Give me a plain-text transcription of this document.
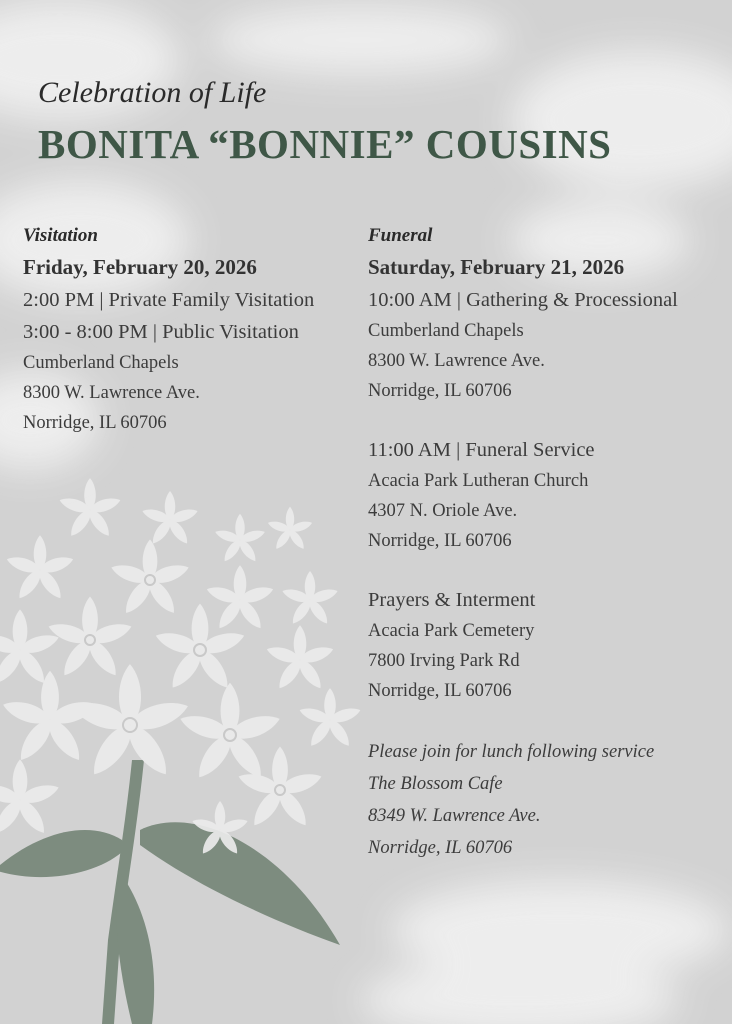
Celebration of Life
BONITA “BONNIE” COUSINS
Visitation
Friday, February 20, 2026
2:00 PM | Private Family Visitation
3:00 - 8:00 PM | Public Visitation
Cumberland Chapels
8300 W. Lawrence Ave.
Norridge, IL 60706
Funeral
Saturday, February 21, 2026
10:00 AM | Gathering & Processional
Cumberland Chapels
8300 W. Lawrence Ave.
Norridge, IL 60706
11:00 AM | Funeral Service
Acacia Park Lutheran Church
4307 N. Oriole Ave.
Norridge, IL 60706
Prayers & Interment
Acacia Park Cemetery
7800 Irving Park Rd
Norridge, IL 60706
Please join for lunch following service
The Blossom Cafe
8349 W. Lawrence Ave.
Norridge, IL 60706
